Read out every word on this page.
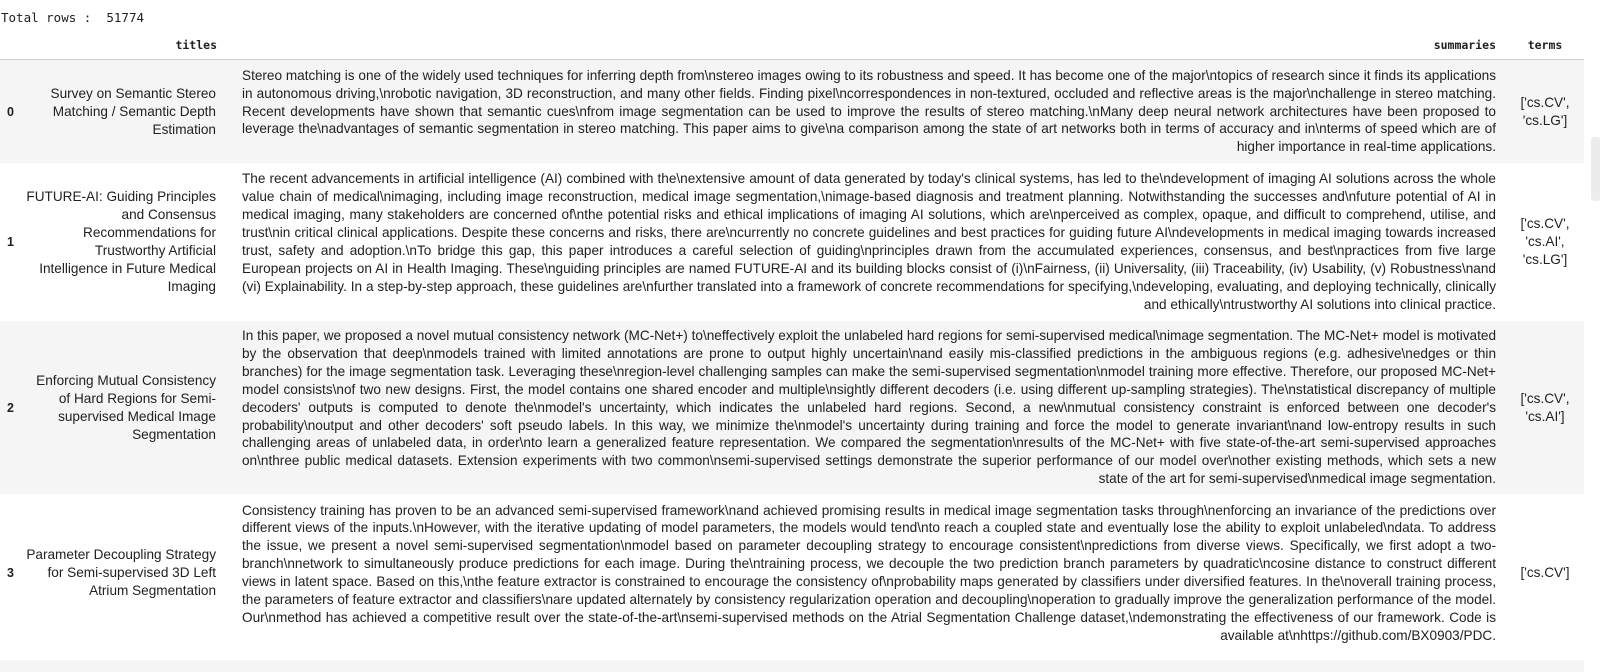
Total rows : 51774
	titles	summaries	terms
0	Survey on Semantic Stereo Matching / Semantic Depth Estimation	Stereo matching is one of the widely used techniques for inferring depth from\nstereo images owing to its robustness and speed. It has become one of the major\ntopics of research since it finds its applications in autonomous driving,\nrobotic navigation, 3D reconstruction, and many other fields. Finding pixel\ncorrespondences in non-textured, occluded and reflective areas is the major\nchallenge in stereo matching. Recent developments have shown that semantic cues\nfrom image segmentation can be used to improve the results of stereo matching.\nMany deep neural network architectures have been proposed to leverage the\nadvantages of semantic segmentation in stereo matching. This paper aims to give\na comparison among the state of art networks both in terms of accuracy and in\nterms of speed which are of higher importance in real-time applications.	['cs.CV', 'cs.LG']
1	FUTURE-AI: Guiding Principles and Consensus Recommendations for Trustworthy Artificial Intelligence in Future Medical Imaging	The recent advancements in artificial intelligence (AI) combined with the\nextensive amount of data generated by today's clinical systems, has led to the\ndevelopment of imaging AI solutions across the whole value chain of medical\nimaging, including image reconstruction, medical image segmentation,\nimage-based diagnosis and treatment planning. Notwithstanding the successes and\nfuture potential of AI in medical imaging, many stakeholders are concerned of\nthe potential risks and ethical implications of imaging AI solutions, which are\nperceived as complex, opaque, and difficult to comprehend, utilise, and trust\nin critical clinical applications. Despite these concerns and risks, there are\ncurrently no concrete guidelines and best practices for guiding future AI\ndevelopments in medical imaging towards increased trust, safety and adoption.\nTo bridge this gap, this paper introduces a careful selection of guiding\nprinciples drawn from the accumulated experiences, consensus, and best\npractices from five large European projects on AI in Health Imaging. These\nguiding principles are named FUTURE-AI and its building blocks consist of (i)\nFairness, (ii) Universality, (iii) Traceability, (iv) Usability, (v) Robustness\nand (vi) Explainability. In a step-by-step approach, these guidelines are\nfurther translated into a framework of concrete recommendations for specifying,\ndeveloping, evaluating, and deploying technically, clinically and ethically\ntrustworthy AI solutions into clinical practice.	['cs.CV', 'cs.AI', 'cs.LG']
2	Enforcing Mutual Consistency of Hard Regions for Semi-supervised Medical Image Segmentation	In this paper, we proposed a novel mutual consistency network (MC-Net+) to\neffectively exploit the unlabeled hard regions for semi-supervised medical\nimage segmentation. The MC-Net+ model is motivated by the observation that deep\nmodels trained with limited annotations are prone to output highly uncertain\nand easily mis-classified predictions in the ambiguous regions (e.g. adhesive\nedges or thin branches) for the image segmentation task. Leveraging these\nregion-level challenging samples can make the semi-supervised segmentation\nmodel training more effective. Therefore, our proposed MC-Net+ model consists\nof two new designs. First, the model contains one shared encoder and multiple\nsightly different decoders (i.e. using different up-sampling strategies). The\nstatistical discrepancy of multiple decoders' outputs is computed to denote the\nmodel's uncertainty, which indicates the unlabeled hard regions. Second, a new\nmutual consistency constraint is enforced between one decoder's probability\noutput and other decoders' soft pseudo labels. In this way, we minimize the\nmodel's uncertainty during training and force the model to generate invariant\nand low-entropy results in such challenging areas of unlabeled data, in order\nto learn a generalized feature representation. We compared the segmentation\nresults of the MC-Net+ with five state-of-the-art semi-supervised approaches on\nthree public medical datasets. Extension experiments with two common\nsemi-supervised settings demonstrate the superior performance of our model over\nother existing methods, which sets a new state of the art for semi-supervised\nmedical image segmentation.	['cs.CV', 'cs.AI']
3	Parameter Decoupling Strategy for Semi-supervised 3D Left Atrium Segmentation	Consistency training has proven to be an advanced semi-supervised framework\nand achieved promising results in medical image segmentation tasks through\nenforcing an invariance of the predictions over different views of the inputs.\nHowever, with the iterative updating of model parameters, the models would tend\nto reach a coupled state and eventually lose the ability to exploit unlabeled\ndata. To address the issue, we present a novel semi-supervised segmentation\nmodel based on parameter decoupling strategy to encourage consistent\npredictions from diverse views. Specifically, we first adopt a two-branch\nnetwork to simultaneously produce predictions for each image. During the\ntraining process, we decouple the two prediction branch parameters by quadratic\ncosine distance to construct different views in latent space. Based on this,\nthe feature extractor is constrained to encourage the consistency of\nprobability maps generated by classifiers under diversified features. In the\noverall training process, the parameters of feature extractor and classifiers\nare updated alternately by consistency regularization operation and decoupling\noperation to gradually improve the generalization performance of the model. Our\nmethod has achieved a competitive result over the state-of-the-art\nsemi-supervised methods on the Atrial Segmentation Challenge dataset,\ndemonstrating the effectiveness of our framework. Code is available at\nhttps://github.com/BX0903/PDC.	['cs.CV']
